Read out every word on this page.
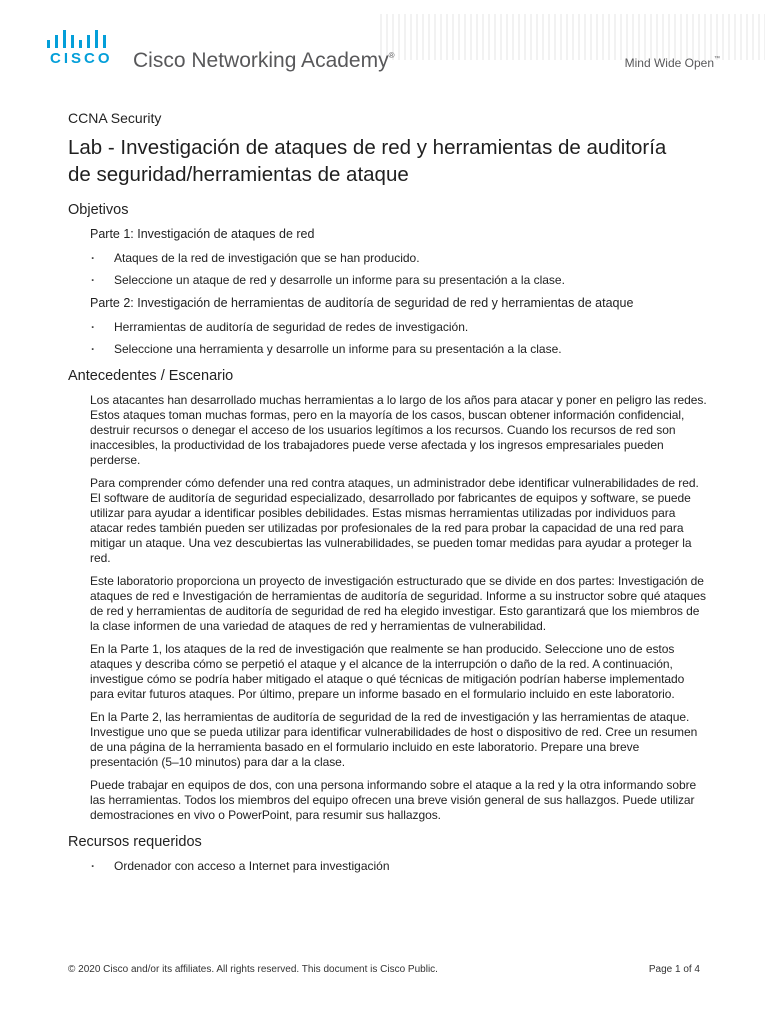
CISCO Cisco Networking Academy®
Mind Wide Open™
CCNA Security
Lab - Investigación de ataques de red y herramientas de auditoría
de seguridad/herramientas de ataque
Objetivos
Parte 1: Investigación de ataques de red
· Ataques de la red de investigación que se han producido.
· Seleccione un ataque de red y desarrolle un informe para su presentación a la clase.
Parte 2: Investigación de herramientas de auditoría de seguridad de red y herramientas de ataque
· Herramientas de auditoría de seguridad de redes de investigación.
· Seleccione una herramienta y desarrolle un informe para su presentación a la clase.
Antecedentes / Escenario

Los atacantes han desarrollado muchas herramientas a lo largo de los años para atacar y poner en peligro las redes. Estos ataques toman muchas formas, pero en la mayoría de los casos, buscan obtener información confidencial, destruir recursos o denegar el acceso de los usuarios legítimos a los recursos. Cuando los recursos de red son inaccesibles, la productividad de los trabajadores puede verse afectada y los ingresos empresariales pueden perderse.

Para comprender cómo defender una red contra ataques, un administrador debe identificar vulnerabilidades de red. El software de auditoría de seguridad especializado, desarrollado por fabricantes de equipos y software, se puede utilizar para ayudar a identificar posibles debilidades. Estas mismas herramientas utilizadas por individuos para atacar redes también pueden ser utilizadas por profesionales de la red para probar la capacidad de una red para mitigar un ataque. Una vez descubiertas las vulnerabilidades, se pueden tomar medidas para ayudar a proteger la red.

Este laboratorio proporciona un proyecto de investigación estructurado que se divide en dos partes: Investigación de ataques de red e Investigación de herramientas de auditoría de seguridad. Informe a su instructor sobre qué ataques de red y herramientas de auditoría de seguridad de red ha elegido investigar. Esto garantizará que los miembros de la clase informen de una variedad de ataques de red y herramientas de vulnerabilidad.

En la Parte 1, los ataques de la red de investigación que realmente se han producido. Seleccione uno de estos ataques y describa cómo se perpetió el ataque y el alcance de la interrupción o daño de la red. A continuación, investigue cómo se podría haber mitigado el ataque o qué técnicas de mitigación podrían haberse implementado para evitar futuros ataques. Por último, prepare un informe basado en el formulario incluido en este laboratorio.

En la Parte 2, las herramientas de auditoría de seguridad de la red de investigación y las herramientas de ataque. Investigue uno que se pueda utilizar para identificar vulnerabilidades de host o dispositivo de red. Cree un resumen de una página de la herramienta basado en el formulario incluido en este laboratorio. Prepare una breve presentación (5–10 minutos) para dar a la clase.

Puede trabajar en equipos de dos, con una persona informando sobre el ataque a la red y la otra informando sobre las herramientas. Todos los miembros del equipo ofrecen una breve visión general de sus hallazgos. Puede utilizar demostraciones en vivo o PowerPoint, para resumir sus hallazgos.

Recursos requeridos
· Ordenador con acceso a Internet para investigación
© 2020 Cisco and/or its affiliates. All rights reserved. This document is Cisco Public.	Page 1 of 4
